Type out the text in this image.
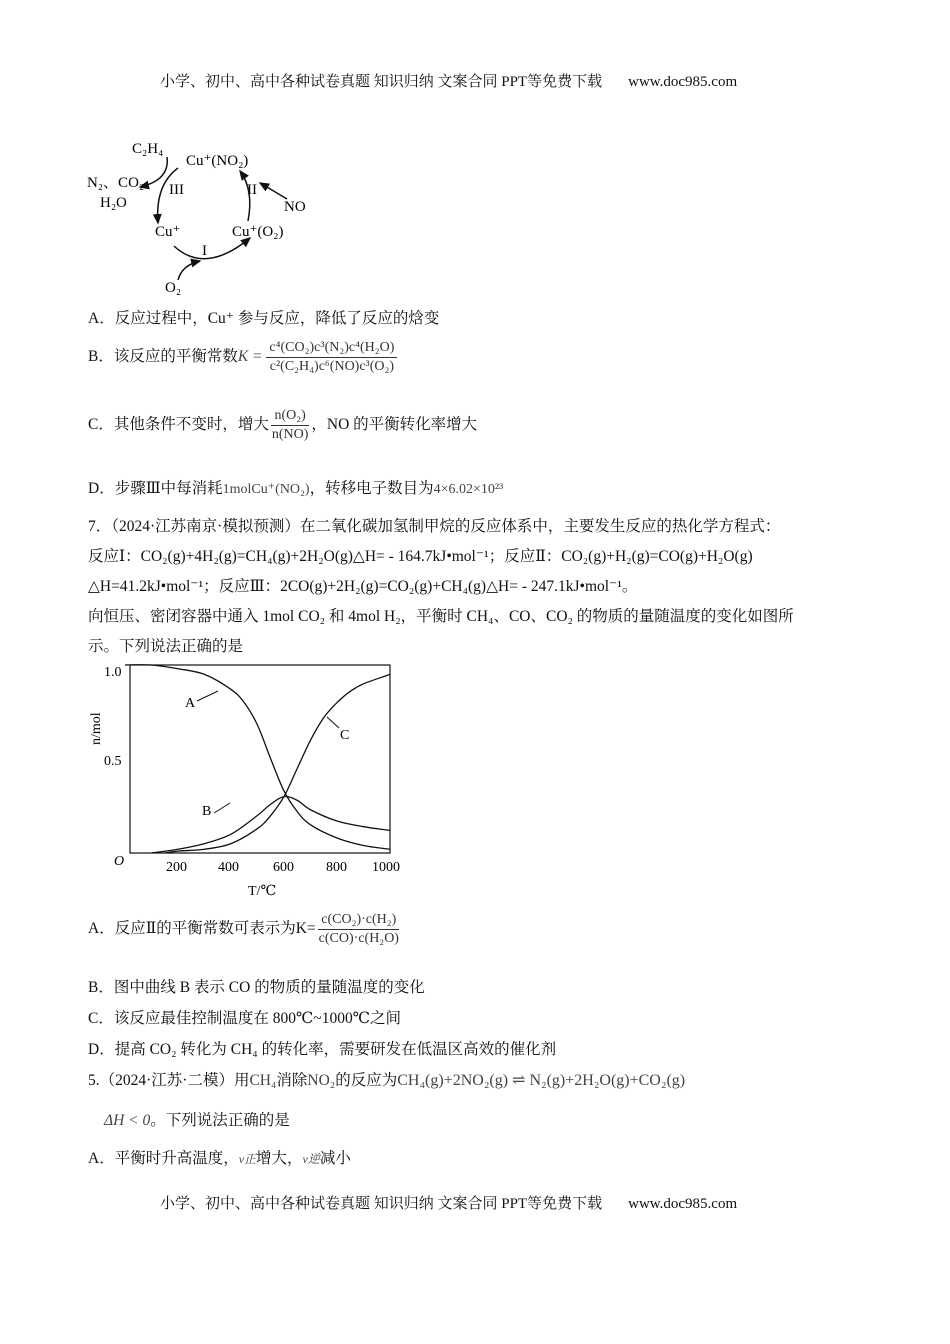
小学、初中、高中各种试卷真题 知识归纳 文案合同 PPT等免费下载 www.doc985.com
C₂H₄
Cu⁺(NO₂)
N₂、CO₂
H₂O
III	II
NO
Cu⁺	Cu⁺(O₂)
I
O₂
A．反应过程中，Cu⁺ 参与反应，降低了反应的焓变
B．该反应的平衡常数$K = \frac{\text{c⁴(CO₂)c³(N₂)c⁴(H₂O)}}{\text{c²(C₂H₄)c⁶(NO)c³(O₂)}}$
C．其他条件不变时，增大 $\frac{\text{n(O₂)}}{n(NO)}$ ，NO 的平衡转化率增大
D．步骤Ⅲ中每消耗1molCu⁺(NO₂)，转移电子数目为4×6.02×10²³
7．（2024·江苏南京·模拟预测）在二氧化碳加氢制甲烷的反应体系中，主要发生反应的热化学方程式：
反应Ⅰ：CO₂(g)+4H₂(g)=CH₄(g)+2H₂O(g)△H= - 164.7kJ•mol⁻¹；反应Ⅱ：CO₂(g)+H₂(g)=CO(g)+H₂O(g)
△H=41.2kJ•mol⁻¹；反应Ⅲ：2CO(g)+2H₂(g)=CO₂(g)+CH₄(g)△H= - 247.1kJ•mol⁻¹。
向恒压、密闭容器中通入 1mol CO₂ 和 4mol H₂，平衡时 CH₄、CO、CO₂ 的物质的量随温度的变化如图所
示。下列说法正确的是
1.0
0.5
O	200 400 600 800 1000
T/℃
n/mol
A
B
C
A．反应Ⅱ的平衡常数可表示为$K= \frac{\text{c(CO₂)·c(H₂)}}{\text{c(CO)·c(H₂O)}}$
B．图中曲线 B 表示 CO 的物质的量随温度的变化
C．该反应最佳控制温度在 800℃~1000℃之间
D．提高 CO₂ 转化为 CH₄ 的转化率，需要研发在低温区高效的催化剂
5.（2024·江苏·二模）用CH₄消除NO₂的反应为CH₄(g)+2NO₂(g) ⇌ N₂(g)+2H₂O(g)+CO₂(g)
ΔH < 0。下列说法正确的是
A．平衡时升高温度，v正增大，v逆减小
小学、初中、高中各种试卷真题 知识归纳 文案合同 PPT等免费下载 www.doc985.com
